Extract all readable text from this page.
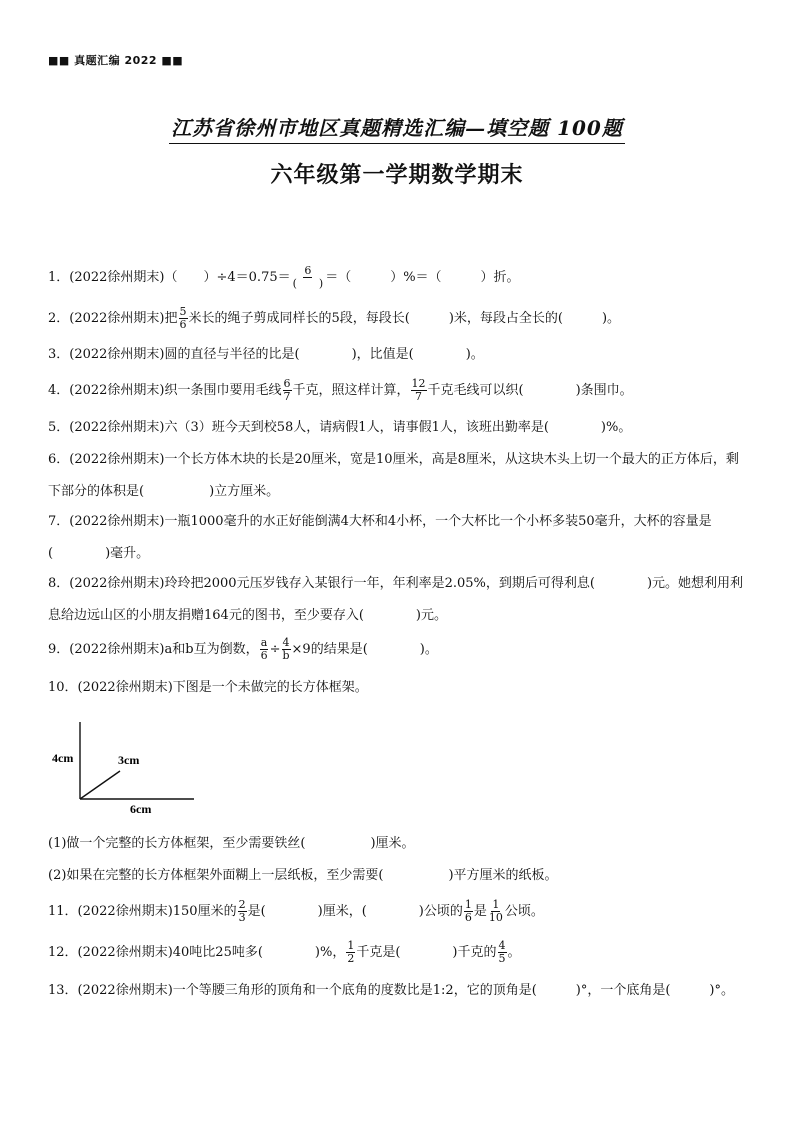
■■ 真题汇编 2022 ■■
江苏省徐州市地区真题精选汇编—填空题 100题
六年级第一学期数学期末
1．(2022徐州期末)（　　）$\div 4=0.75= \frac{6}{( )}$ ＝（　　　）%＝（　　　）折。
2．(2022徐州期末)把 $\frac{5}{6}$ 米长的绳子剪成同样长的5段，每段长(　　　)米，每段占全长的(　　　)。
3．(2022徐州期末)圆的直径与半径的比是(　　　　)，比值是(　　　　)。
4．(2022徐州期末)织一条围巾要用毛线 $\frac{6}{7}$ 千克，照这样计算， $\frac{12}{7}$ 千克毛线可以织(　　　　)条围巾。
5．(2022徐州期末)六（3）班今天到校58人，请病假1人，请事假1人，该班出勤率是(　　　　)%。
6．(2022徐州期末)一个长方体木块的长是20厘米，宽是10厘米，高是8厘米，从这块木头上切一个最大的正方体后，剩下部分的体积是(　　　　　)立方厘米。
7．(2022徐州期末)一瓶1000毫升的水正好能倒满4大杯和4小杯，一个大杯比一个小杯多装50毫升，大杯的容量是(　　　　)毫升。
8．(2022徐州期末)玲玲把2000元压岁钱存入某银行一年，年利率是2.05%，到期后可得利息(　　　　)元。她想利用利息给边远山区的小朋友捐赠164元的图书，至少要存入(　　　　)元。
9．(2022徐州期末)a和b互为倒数， $\frac{a}{6} \div \frac{4}{b} \times 9$的结果是(　　　　)。
10．(2022徐州期末)下图是一个未做完的长方体框架。
4cm	3cm
6cm
(1)做一个完整的长方体框架，至少需要铁丝(　　　　　)厘米。
(2)如果在完整的长方体框架外面糊上一层纸板，至少需要(　　　　　)平方厘米的纸板。
11．(2022徐州期末)150厘米的 $\frac{2}{3}$ 是(　　　　)厘米，(　　　　)公顷的 $\frac{1}{6}$ 是 $\frac{1}{10}$ 公顷。
12．(2022徐州期末)40吨比25吨多(　　　　)%， $\frac{1}{2}$ 千克是(　　　　)千克的 $\frac{4}{5}$ 。
13．(2022徐州期末)一个等腰三角形的顶角和一个底角的度数比是1:2，它的顶角是(　　　)°，一个底角是(　　　)°。
